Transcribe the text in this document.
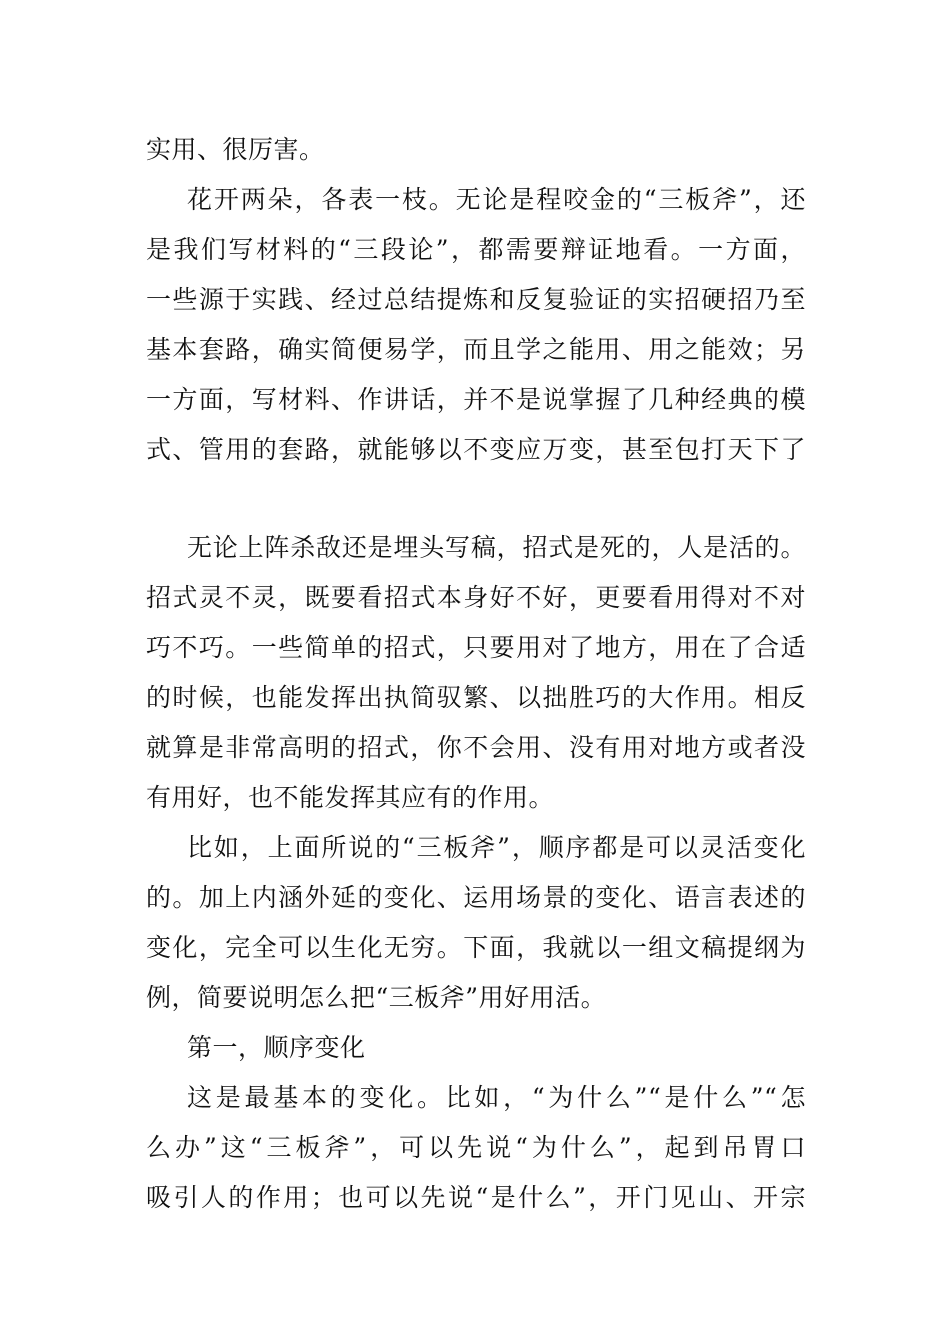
实用、很厉害。
花开两朵，各表一枝。无论是程咬金的“三板斧”，还
是我们写材料的“三段论”，都需要辩证地看。一方面，
一些源于实践、经过总结提炼和反复验证的实招硬招乃至
基本套路，确实简便易学，而且学之能用、用之能效；另
一方面，写材料、作讲话，并不是说掌握了几种经典的模
式、管用的套路，就能够以不变应万变，甚至包打天下了
无论上阵杀敌还是埋头写稿，招式是死的，人是活的。
招式灵不灵，既要看招式本身好不好，更要看用得对不对
巧不巧。一些简单的招式，只要用对了地方，用在了合适
的时候，也能发挥出执简驭繁、以拙胜巧的大作用。相反
就算是非常高明的招式，你不会用、没有用对地方或者没
有用好，也不能发挥其应有的作用。
比如，上面所说的“三板斧”，顺序都是可以灵活变化
的。加上内涵外延的变化、运用场景的变化、语言表述的
变化，完全可以生化无穷。下面，我就以一组文稿提纲为
例，简要说明怎么把“三板斧”用好用活。
第一，顺序变化
这是最基本的变化。比如，“为什么”“是什么”“怎
么办”这“三板斧”，可以先说“为什么”，起到吊胃口
吸引人的作用；也可以先说“是什么”，开门见山、开宗
